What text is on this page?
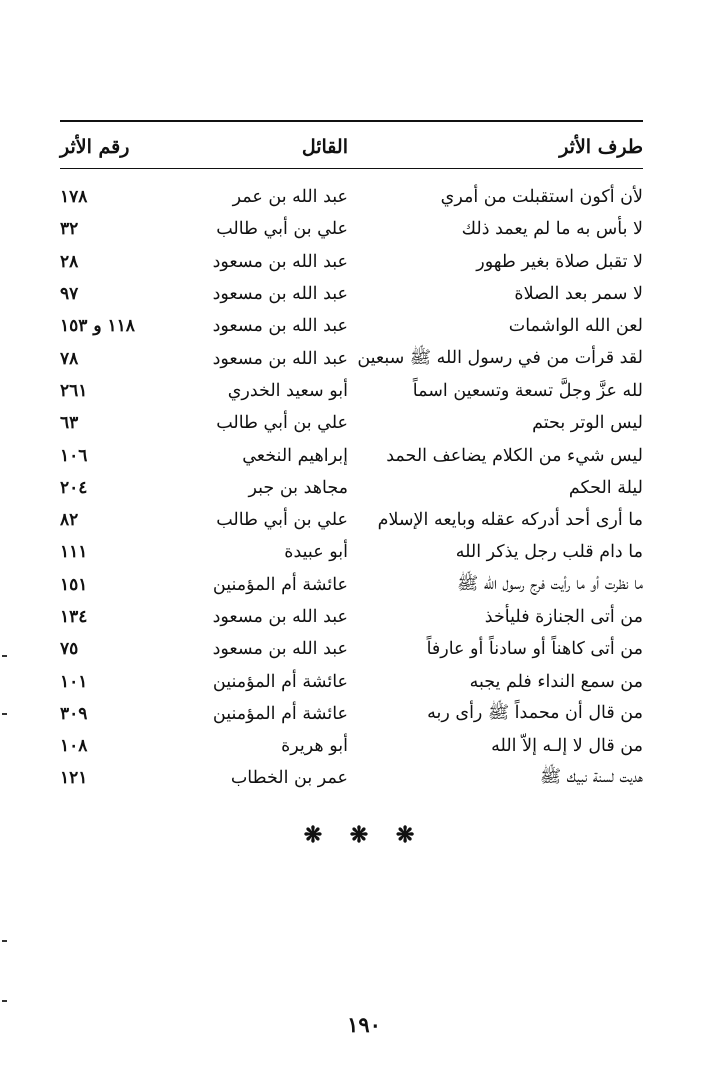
طرف الأثر
القائل
رقم الأثر
لأن أكون استقبلت من أمري
عبد الله بن عمر
١٧٨
لا بأس به ما لم يعمد ذلك
علي بن أبي طالب
٣٢
لا تقبل صلاة بغير طهور
عبد الله بن مسعود
٢٨
لا سمر بعد الصلاة
عبد الله بن مسعود
٩٧
لعن الله الواشمات
عبد الله بن مسعود
١١٨ و ١٥٣
لقد قرأت من في رسول الله ﷺ سبعين
عبد الله بن مسعود
٧٨
لله عزَّ وجلَّ تسعة وتسعين اسماً
أبو سعيد الخدري
٢٦١
ليس الوتر بحتم
علي بن أبي طالب
٦٣
ليس شيء من الكلام يضاعف الحمد
إبراهيم النخعي
١٠٦
ليلة الحكم
مجاهد بن جبر
٢٠٤
ما أرى أحد أدركه عقله وبايعه الإسلام
علي بن أبي طالب
٨٢
ما دام قلب رجل يذكر الله
أبو عبيدة
١١١
ما نظرت أو ما رأيت فرج رسول الله ﷺ
عائشة أم المؤمنين
١٥١
من أتى الجنازة فليأخذ
عبد الله بن مسعود
١٣٤
من أتى كاهناً أو سادناً أو عارفاً
عبد الله بن مسعود
٧٥
من سمع النداء فلم يجبه
عائشة أم المؤمنين
١٠١
من قال أن محمداً ﷺ رأى ربه
عائشة أم المؤمنين
٣٠٩
من قال لا إلـه إلاّ الله
أبو هريرة
١٠٨
هديت لسنة نبيك ﷺ
عمر بن الخطاب
١٢١
❋ ❋ ❋
١٩٠
